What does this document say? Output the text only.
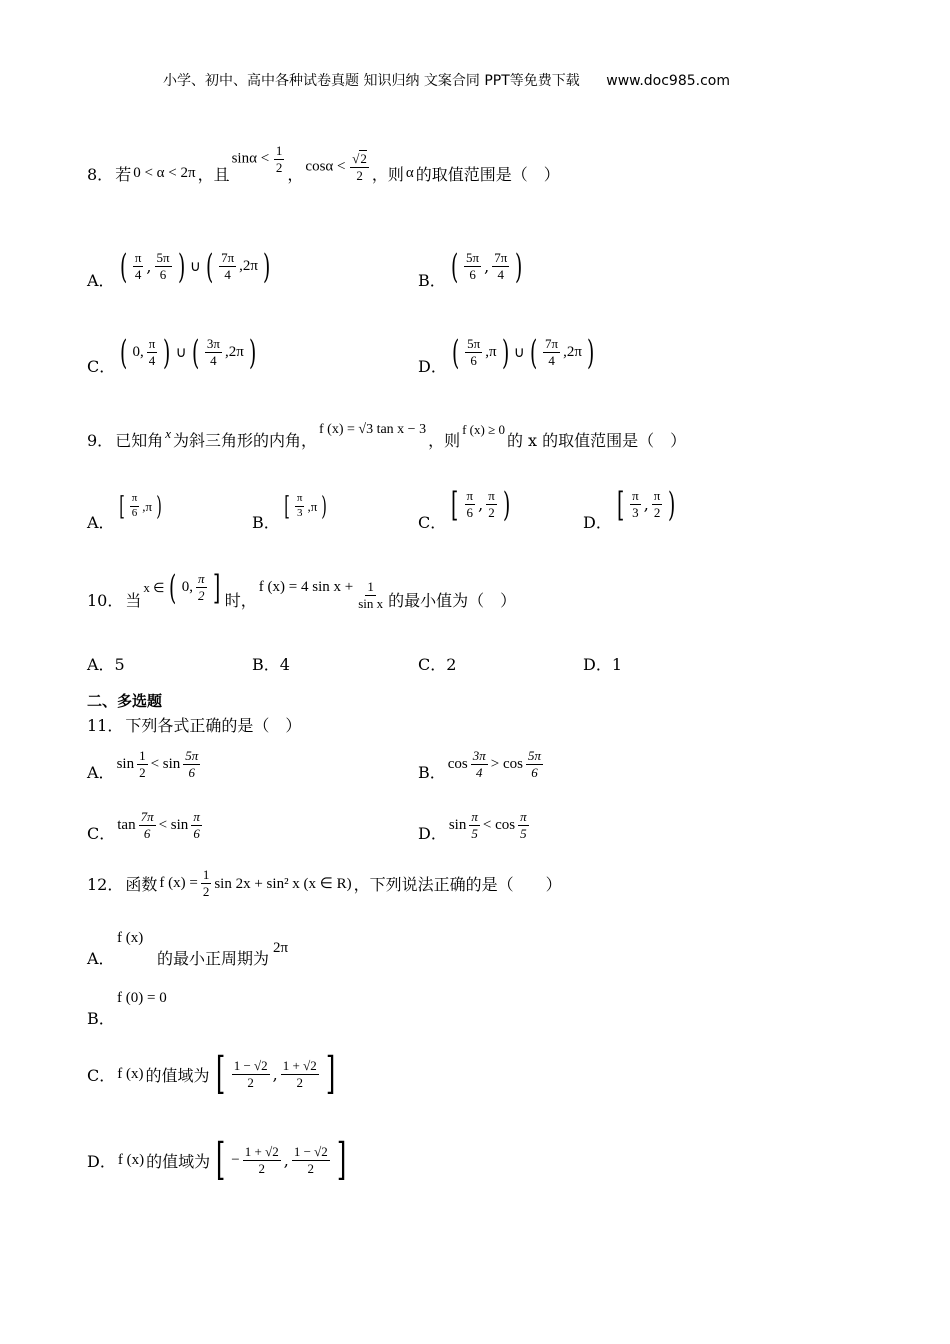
小学、初中、高中各种试卷真题 知识归纳 文案合同 PPT等免费下载 www.doc985.com
8． 若 0 < α < 2π ，且
$\sin\alpha < \frac{1}{2}$ ， $\cos\alpha < \frac{√2}{2}$ ，则 α 的取值范围是（　）
A． ( π
4 , 5π
6 ) ∪ ( 7π
4
,2π )	B． ( 5π
6 , 7π
4 )
C． ( 0,
π
4 ) ∪ ( 3π
4
,2π )	D． ( 5π
6
,π ) ∪ ( 7π
4
,2π )
9． 已知角 x 为斜三角形的内角，
f (x) = √3 tan x − 3
，则
f (x) ≥ 0
的 x 的取值范围是（　）
A．
[ π
6 ,π )
B．
[ π
3 ,π )
C． [ π
6 , π
2 )	D． [ π
3 , π
2 )
10． 当
x ∈ ( 0,
π
2 ] 时，
f (x) = 4 $\sin x + \frac{1}{\text{sin x}}$ 的最小值为（　）
A．5	B．4	C．2	D．1
二、多选题
11． 下列各式正确的是（　）
A． sin
1
2
< sin
5π
6	B． cos
3π
4
> cos
5π
6
C． tan
7π
6
< sin
π
6	D． sin
π
5
< cos
π
5
12． 函数 f $(x) = \frac{1}{2}$ sin 2x + sin² x (x ∈ R) ，下列说法正确的是（　　）
A．
f (x)
的最小正周期为
2π
B．
f (0) = 0
C． f (x) 的值域为 [ 1 − √2
2 , 1 + √2
2 ]
D． f (x) 的值域为 [ − $\frac{1 + √2}{2}$ , 1 − √2
2 ]
